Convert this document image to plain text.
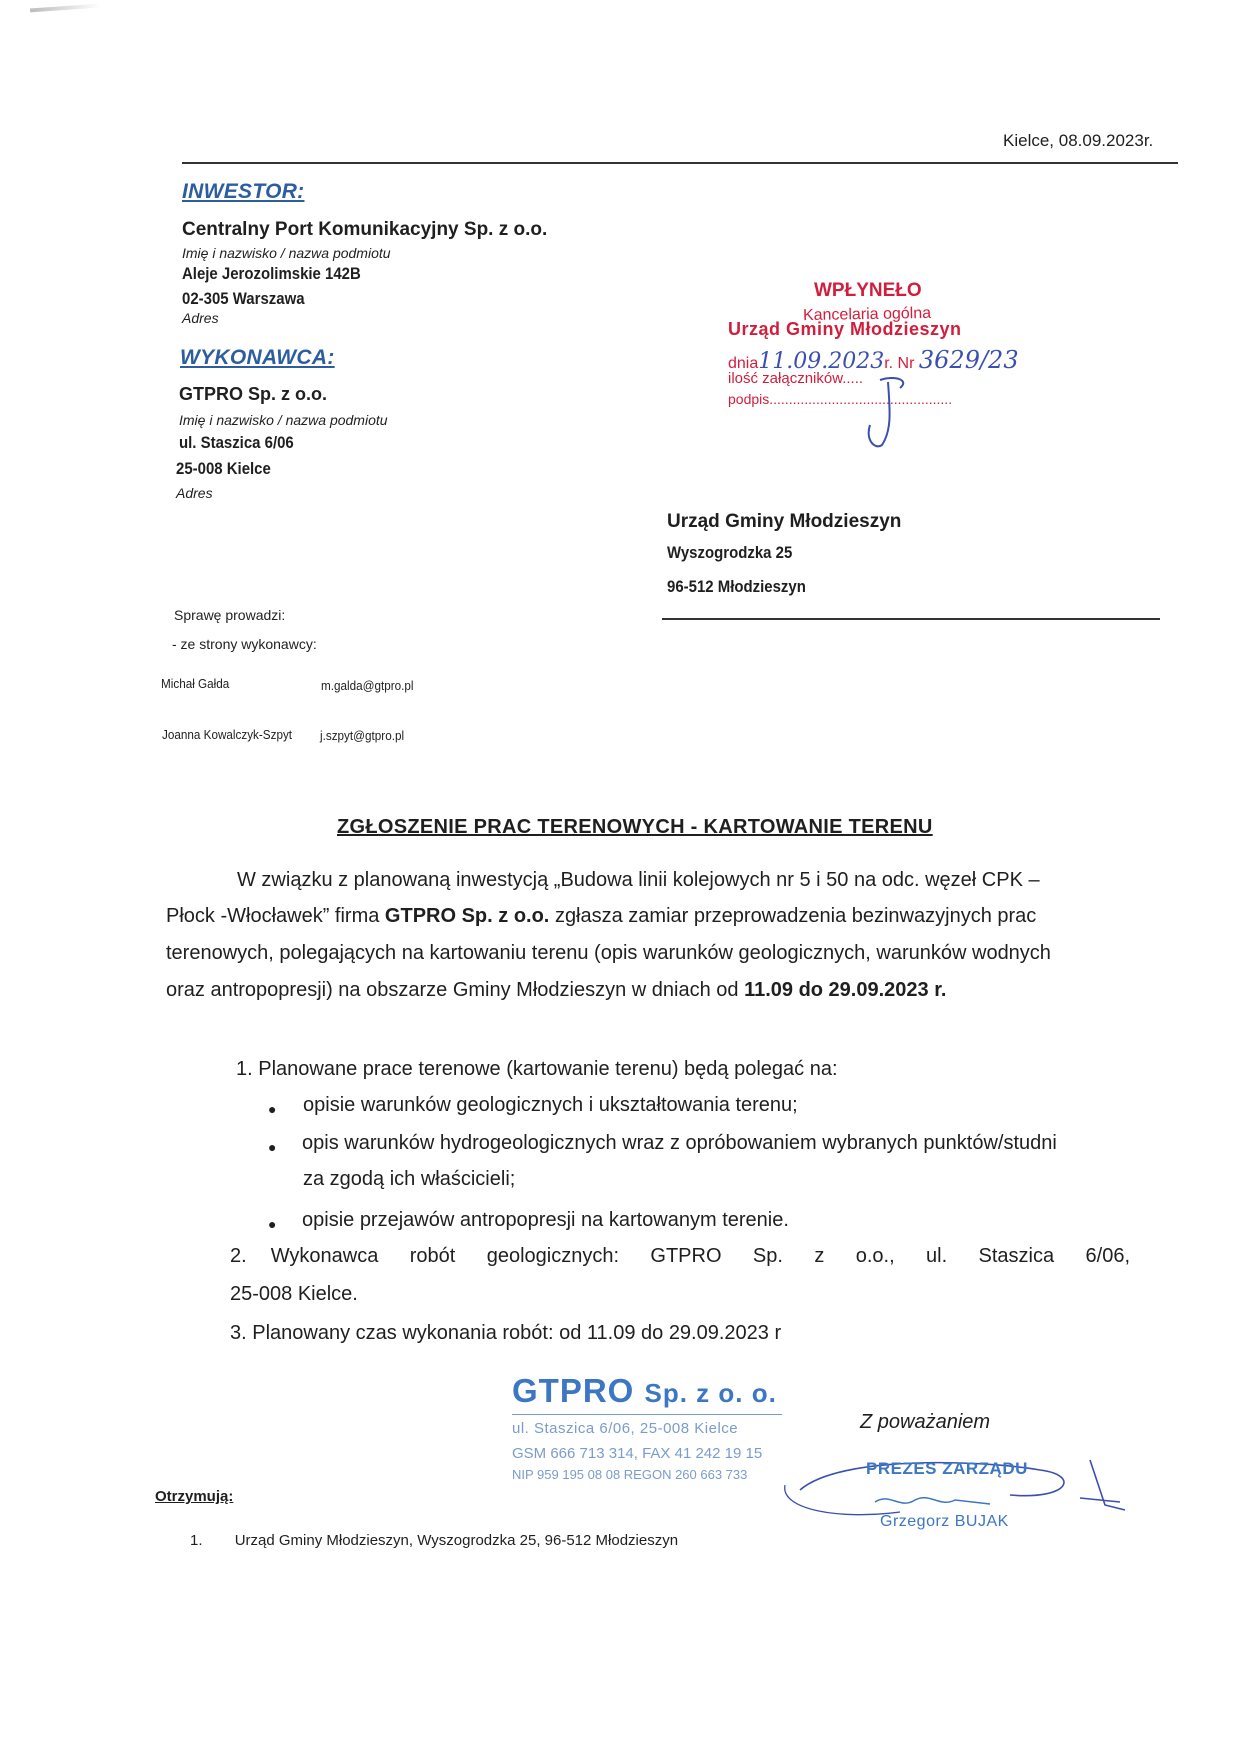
Kielce, 08.09.2023r.
INWESTOR:
Centralny Port Komunikacyjny Sp. z o.o.
Imię i nazwisko / nazwa podmiotu
Aleje Jerozolimskie 142B
02-305 Warszawa
Adres
WYKONAWCA:
GTPRO Sp. z o.o.
Imię i nazwisko / nazwa podmiotu
ul. Staszica 6/06
25-008 Kielce
Adres
WPŁYNEŁO
Kancelaria ogólna
Urząd Gminy Młodzieszyn
dnia11.09.2023r. Nr 3629/23
ilość załączników.....
podpis...............................................
Urząd Gminy Młodzieszyn
Wyszogrodzka 25
96-512 Młodzieszyn
Sprawę prowadzi:
- ze strony wykonawcy:
Michał Gałda	m.galda@gtpro.pl
Joanna Kowalczyk-Szpyt j.szpyt@gtpro.pl
ZGŁOSZENIE PRAC TERENOWYCH - KARTOWANIE TERENU
W związku z planowaną inwestycją „Budowa linii kolejowych nr 5 i 50 na odc. węzeł CPK –
Płock -Włocławek” firma GTPRO Sp. z o.o. zgłasza zamiar przeprowadzenia bezinwazyjnych prac
terenowych, polegających na kartowaniu terenu (opis warunków geologicznych, warunków wodnych
oraz antropopresji) na obszarze Gminy Młodzieszyn w dniach od 11.09 do 29.09.2023 r.
1. Planowane prace terenowe (kartowanie terenu) będą polegać na:
● opisie warunków geologicznych i ukształtowania terenu;
● opis warunków hydrogeologicznych wraz z opróbowaniem wybranych punktów/studni
za zgodą ich właścicieli;
● opisie przejawów antropopresji na kartowanym terenie.
2. Wykonawca robót geologicznych: GTPRO Sp. z o.o., ul. Staszica 6/06,
25-008 Kielce.
3. Planowany czas wykonania robót: od 11.09 do 29.09.2023 r
GTPRO Sp. z o. o.
ul. Staszica 6/06, 25-008 Kielce
GSM 666 713 314, FAX 41 242 19 15
NIP 959 195 08 08 REGON 260 663 733
Z poważaniem
PREZES ZARZĄDU
Grzegorz BUJAK
Otrzymują:
1. Urząd Gminy Młodzieszyn, Wyszogrodzka 25, 96-512 Młodzieszyn
